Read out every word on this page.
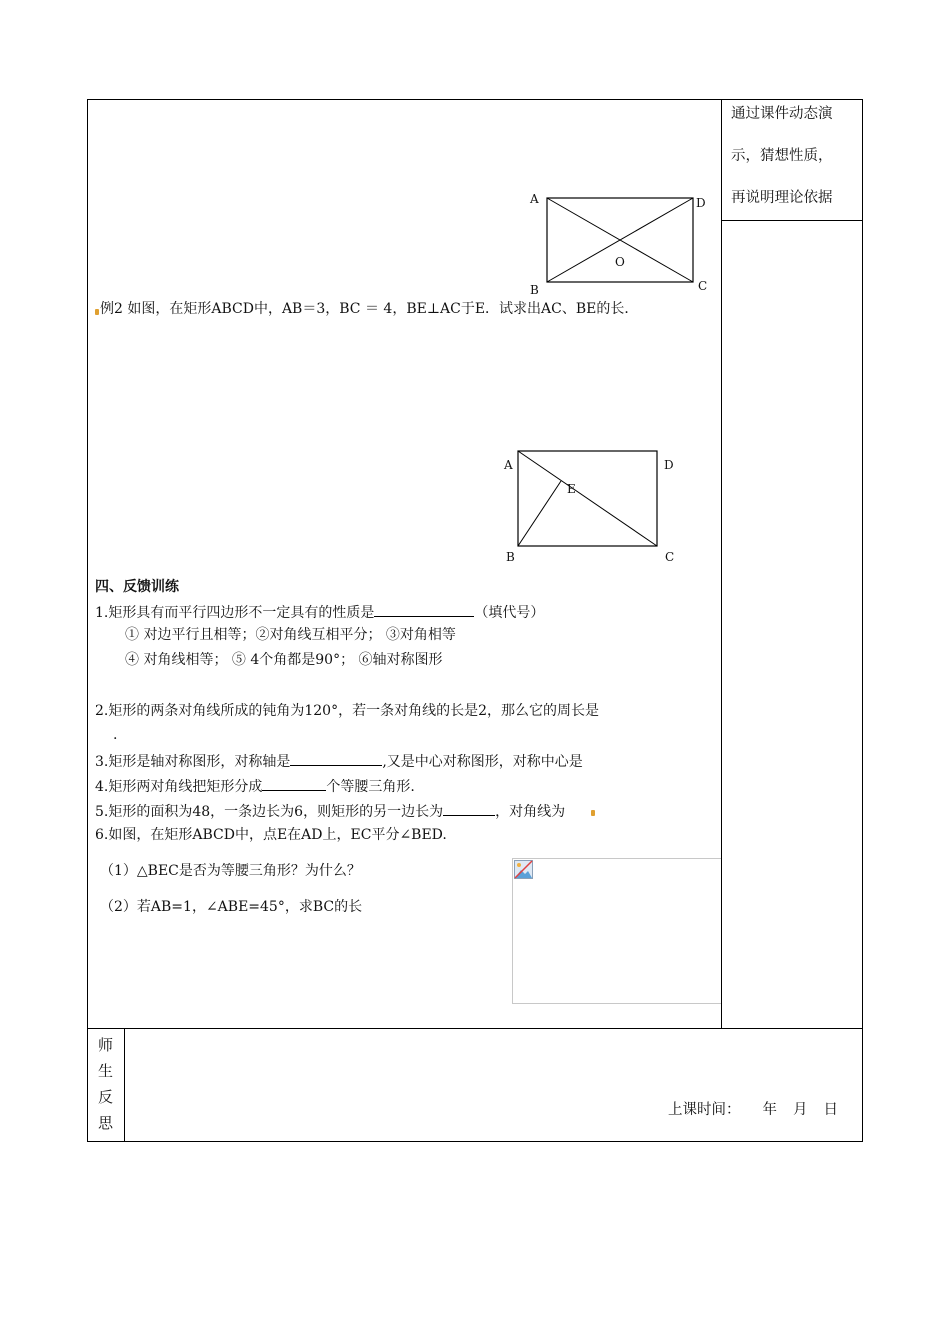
通过课件动态演
示，猜想性质，
再说明理论依据
A	D
B	C
O
例2 如图，在矩形ABCD中，AB＝3，BC ＝ 4，BE⊥AC于E．试求出AC、BE的长．
A	D
B	C
E
四、反馈训练
1.矩形具有而平行四边形不一定具有的性质是	（填代号）
① 对边平行且相等；②对角线互相平分； ③对角相等
④ 对角线相等； ⑤ 4个角都是90°； ⑥轴对称图形
2.矩形的两条对角线所成的钝角为120°，若一条对角线的长是2，那么它的周长是
.
3.矩形是轴对称图形，对称轴是	,又是中心对称图形，对称中心是
4.矩形两对角线把矩形分成	个等腰三角形.
5.矩形的面积为48，一条边长为6，则矩形的另一边长为	，对角线为
6.如图，在矩形ABCD中，点E在AD上，EC平分∠BED.
（1）△BEC是否为等腰三角形？为什么？
（2）若AB=1，∠ABE=45°，求BC的长
师
生
反
思
上课时间： 年 月 日
